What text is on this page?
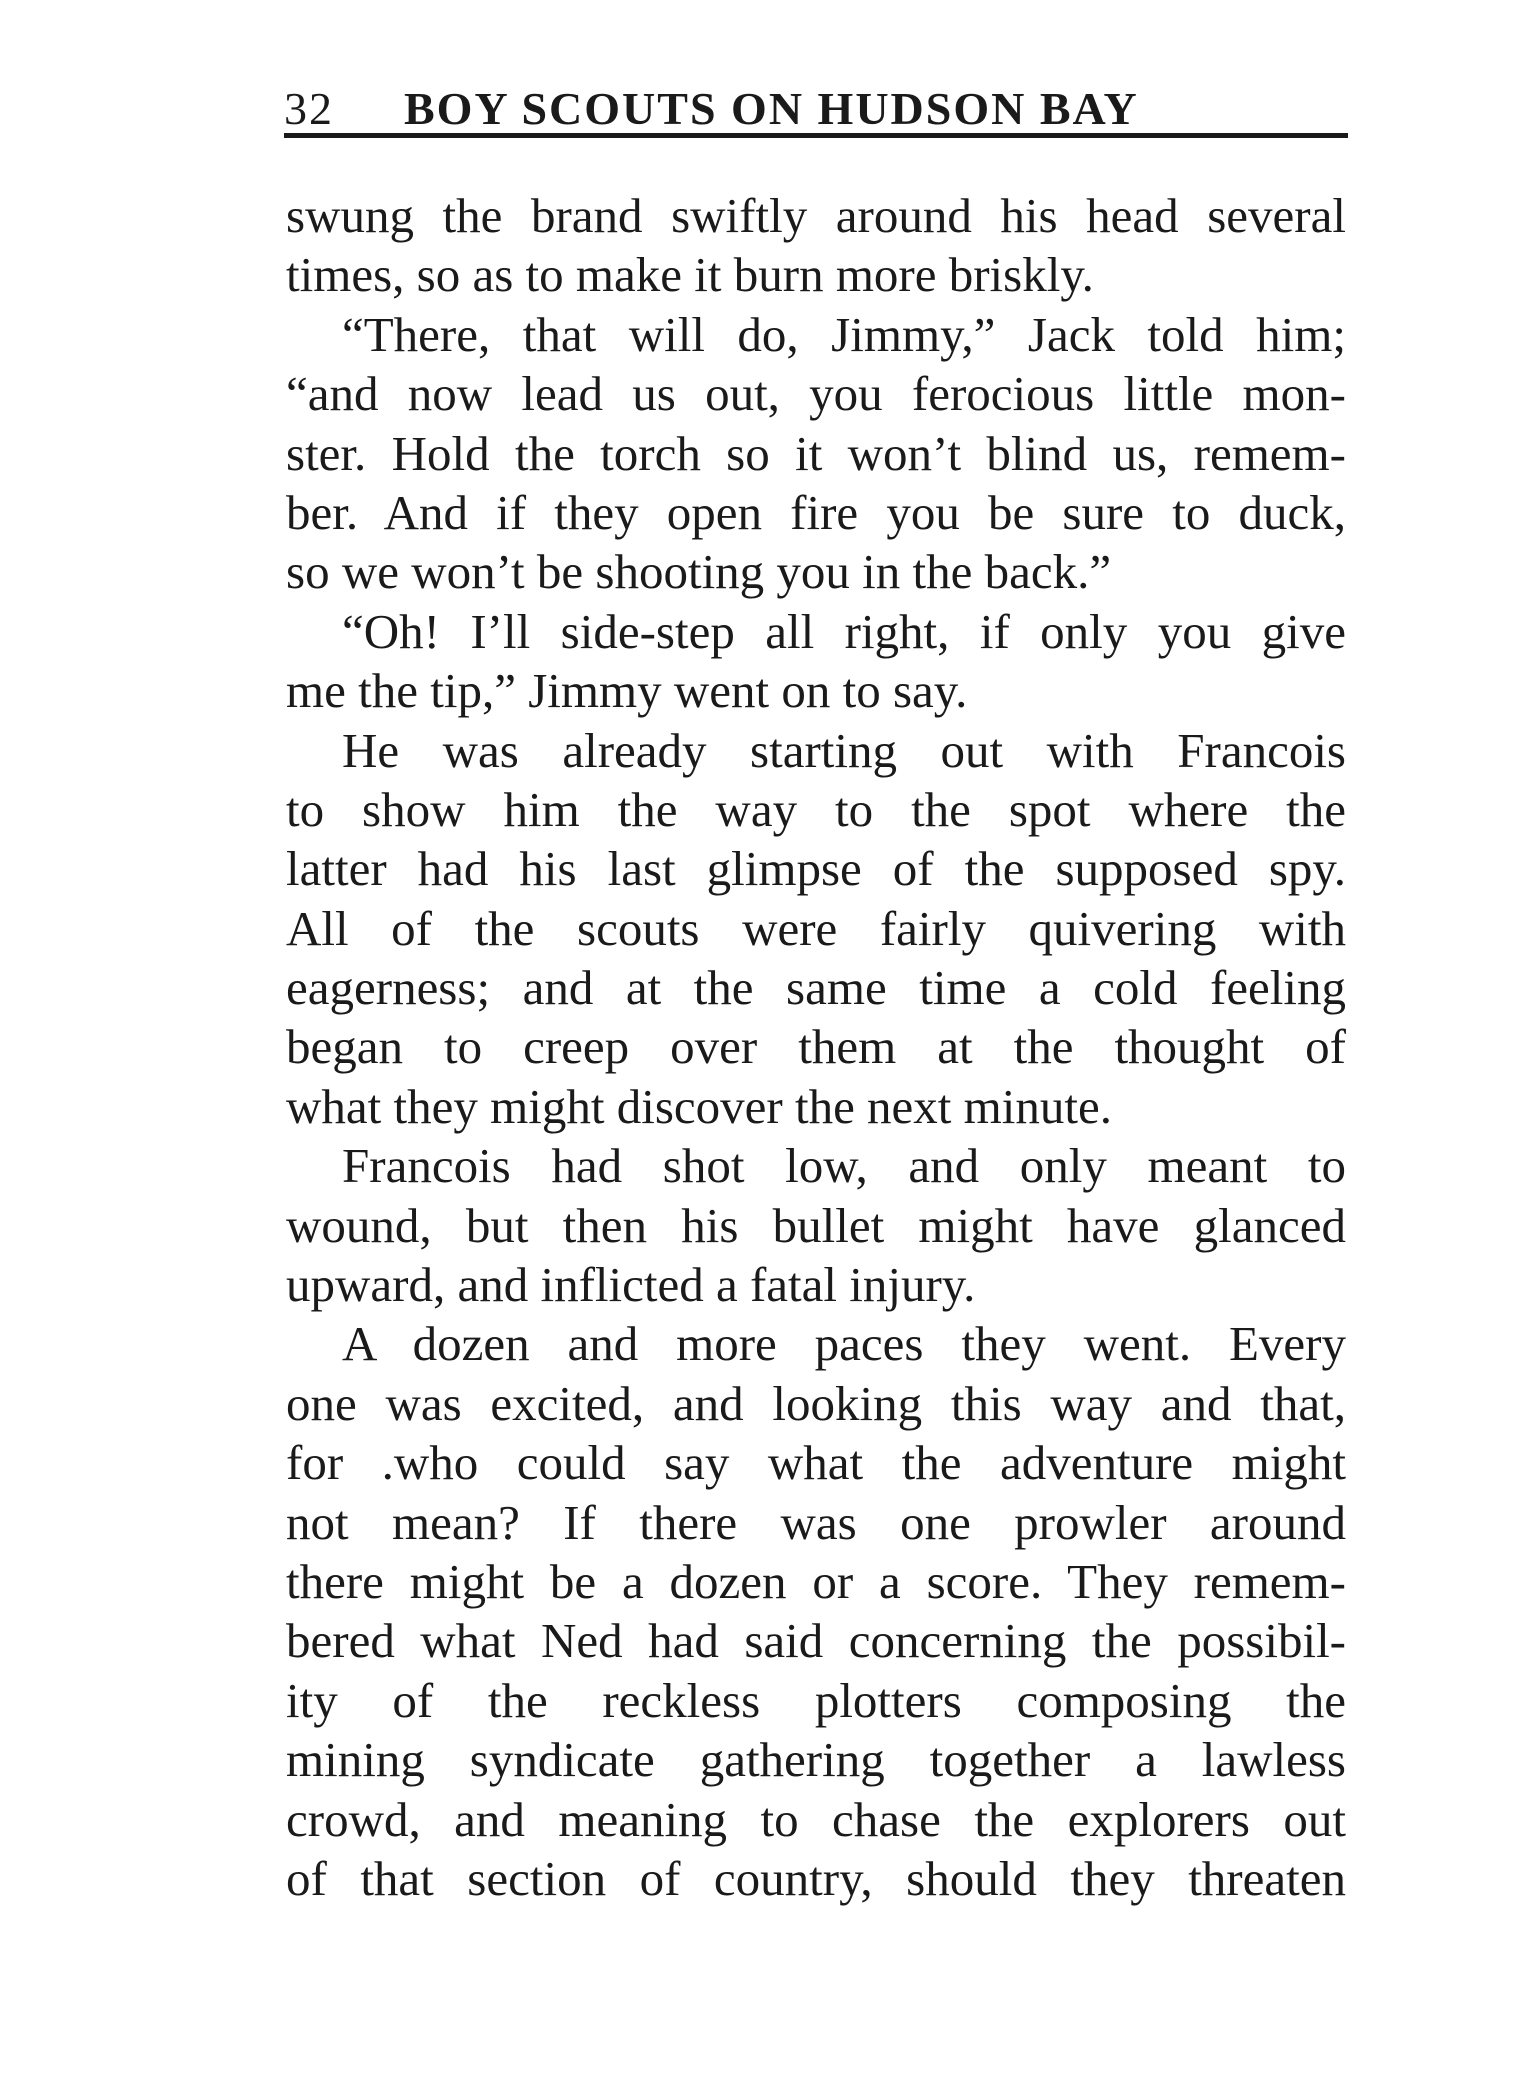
32 BOY SCOUTS ON HUDSON BAY
swung the brand swiftly around his head several
times, so as to make it burn more briskly.
“There, that will do, Jimmy,” Jack told him;
“and now lead us out, you ferocious little mon-
ster. Hold the torch so it won’t blind us, remem-
ber. And if they open fire you be sure to duck,
so we won’t be shooting you in the back.”
“Oh! I’ll side-step all right, if only you give
me the tip,” Jimmy went on to say.
He was already starting out with Francois
to show him the way to the spot where the
latter had his last glimpse of the supposed spy.
All of the scouts were fairly quivering with
eagerness; and at the same time a cold feeling
began to creep over them at the thought of
what they might discover the next minute.
Francois had shot low, and only meant to
wound, but then his bullet might have glanced
upward, and inflicted a fatal injury.
A dozen and more paces they went. Every
one was excited, and looking this way and that,
for .who could say what the adventure might
not mean? If there was one prowler around
there might be a dozen or a score. They remem-
bered what Ned had said concerning the possibil-
ity of the reckless plotters composing the
mining syndicate gathering together a lawless
crowd, and meaning to chase the explorers out
of that section of country, should they threaten
